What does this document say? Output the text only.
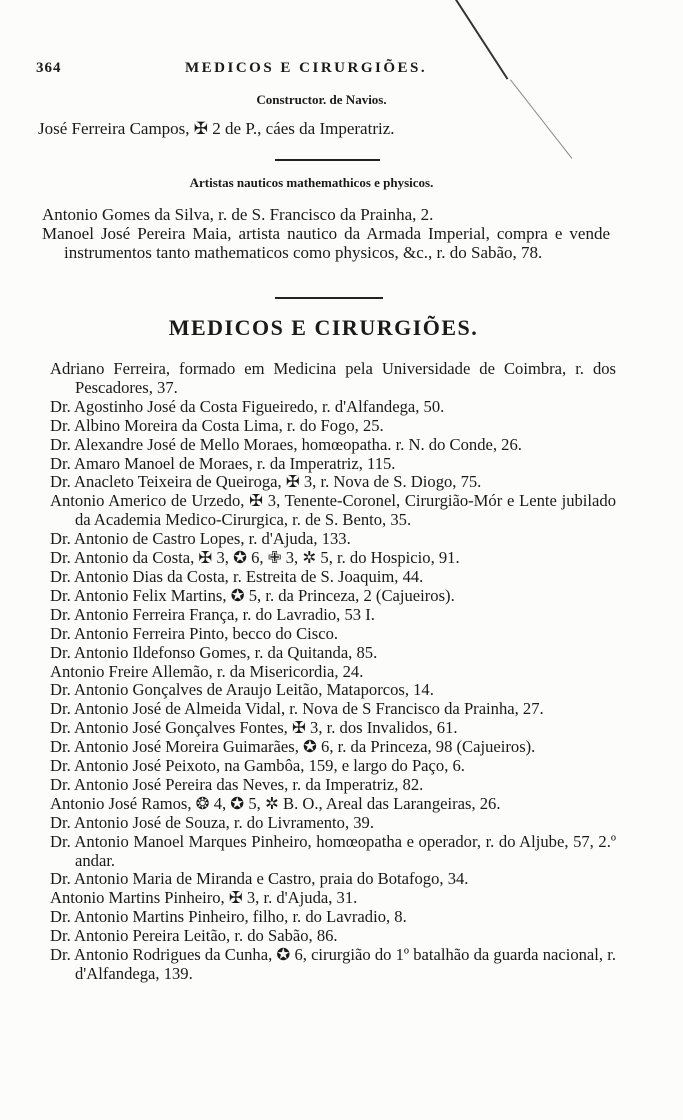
364	MEDICOS E CIRURGIÕES.
Constructor. de Navios.
José Ferreira Campos, ✠ 2 de P., cáes da Imperatriz.
Artistas nauticos mathemathicos e physicos.

Antonio Gomes da Silva, r. de S. Francisco da Prainha, 2.

Manoel José Pereira Maia, artista nautico da Armada Imperial, compra e vende instrumentos tanto mathematicos como physicos, &c., r. do Sabão, 78.

MEDICOS E CIRURGIÕES.

Adriano Ferreira, formado em Medicina pela Universidade de Coimbra, r. dos Pescadores, 37.

Dr. Agostinho José da Costa Figueiredo, r. d'Alfandega, 50.

Dr. Albino Moreira da Costa Lima, r. do Fogo, 25.

Dr. Alexandre José de Mello Moraes, homœopatha. r. N. do Conde, 26.

Dr. Amaro Manoel de Moraes, r. da Imperatriz, 115.

Dr. Anacleto Teixeira de Queiroga, ✠ 3, r. Nova de S. Diogo, 75.

Antonio Americo de Urzedo, ✠ 3, Tenente-Coronel, Cirurgião-Mór e Lente jubilado da Academia Medico-Cirurgica, r. de S. Bento, 35.

Dr. Antonio de Castro Lopes, r. d'Ajuda, 133.

Dr. Antonio da Costa, ✠ 3, ✪ 6, ✙ 3, ✲ 5, r. do Hospicio, 91.

Dr. Antonio Dias da Costa, r. Estreita de S. Joaquim, 44.

Dr. Antonio Felix Martins, ✪ 5, r. da Princeza, 2 (Cajueiros).

Dr. Antonio Ferreira França, r. do Lavradio, 53 I.

Dr. Antonio Ferreira Pinto, becco do Cisco.

Dr. Antonio Ildefonso Gomes, r. da Quitanda, 85.

Antonio Freire Allemão, r. da Misericordia, 24.

Dr. Antonio Gonçalves de Araujo Leitão, Mataporcos, 14.

Dr. Antonio José de Almeida Vidal, r. Nova de S Francisco da Prainha, 27.

Dr. Antonio José Gonçalves Fontes, ✠ 3, r. dos Invalidos, 61.

Dr. Antonio José Moreira Guimarães, ✪ 6, r. da Princeza, 98 (Cajueiros).

Dr. Antonio José Peixoto, na Gambôa, 159, e largo do Paço, 6.

Dr. Antonio José Pereira das Neves, r. da Imperatriz, 82.

Antonio José Ramos, ❂ 4, ✪ 5, ✲ B. O., Areal das Larangeiras, 26.

Dr. Antonio José de Souza, r. do Livramento, 39.

Dr. Antonio Manoel Marques Pinheiro, homœopatha e operador, r. do Aljube, 57, 2.º andar.

Dr. Antonio Maria de Miranda e Castro, praia do Botafogo, 34.

Antonio Martins Pinheiro, ✠ 3, r. d'Ajuda, 31.

Dr. Antonio Martins Pinheiro, filho, r. do Lavradio, 8.

Dr. Antonio Pereira Leitão, r. do Sabão, 86.

Dr. Antonio Rodrigues da Cunha, ✪ 6, cirurgião do 1º batalhão da guarda nacional, r. d'Alfandega, 139.
